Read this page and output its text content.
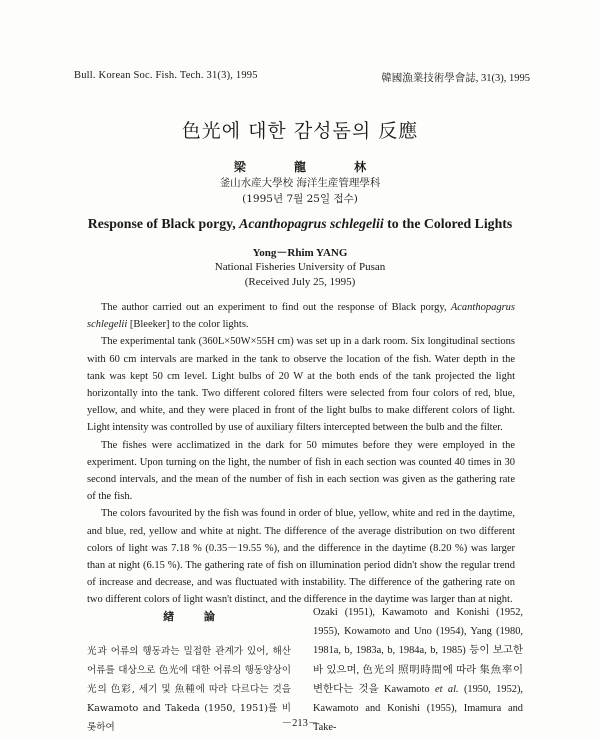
Bull. Korean Soc. Fish. Tech. 31(3), 1995	韓國漁業技術學會誌, 31(3), 1995
色光에 대한 감성돔의 反應
梁 龍 林
釜山水産大學校 海洋生産管理學科
(1995년 7월 25일 접수)
Response of Black porgy, Acanthopagrus schlegelii to the Colored Lights
Yong－Rhim YANG
National Fisheries University of Pusan
(Received July 25, 1995)

The author carried out an experiment to find out the response of Black porgy, Acanthopagrus schlegelii [Bleeker] to the color lights.

The experimental tank (360L×50W×55H cm) was set up in a dark room. Six longitudinal sections with 60 cm intervals are marked in the tank to observe the location of the fish. Water depth in the tank was kept 50 cm level. Light bulbs of 20 W at the both ends of the tank projected the light horizontally into the tank. Two different colored filters were selected from four colors of red, blue, yellow, and white, and they were placed in front of the light bulbs to make different colors of light. Light intensity was controlled by use of auxiliary filters intercepted between the bulb and the filter.

The fishes were acclimatized in the dark for 50 mimutes before they were employed in the experiment. Upon turning on the light, the number of fish in each section was counted 40 times in 30 second intervals, and the mean of the number of fish in each section was given as the gathering rate of the fish.

The colors favourited by the fish was found in order of blue, yellow, white and red in the daytime, and blue, red, yellow and white at night. The difference of the average distribution on two different colors of light was 7.18 % (0.35－19.55 %), and the difference in the daytime (8.20 %) was larger than at night (6.15 %). The gathering rate of fish on illumination period didn't show the regular trend of increase and decrease, and was fluctuated with instability. The difference of the gathering rate on two different colors of light wasn't distinct, and the difference in the daytime was larger than at night.

緖 論

光과 어류의 행동과는 밀접한 관계가 있어, 해산어류를 대상으로 色光에 대한 어류의 행동양상이 光의 色彩, 세기 및 魚種에 따라 다르다는 것을 Kawamoto and Takeda (1950, 1951)를 비롯하여

Ozaki (1951), Kawamoto and Konishi (1952, 1955), Kowamoto and Uno (1954), Yang (1980, 1981a, b, 1983a, b, 1984a, b, 1985) 등이 보고한 바 있으며, 色光의 照明時間에 따라 集魚率이 변한다는 것을 Kawamoto et al. (1950, 1952), Kawamoto and Konishi (1955), Imamura and Take-

－213－
